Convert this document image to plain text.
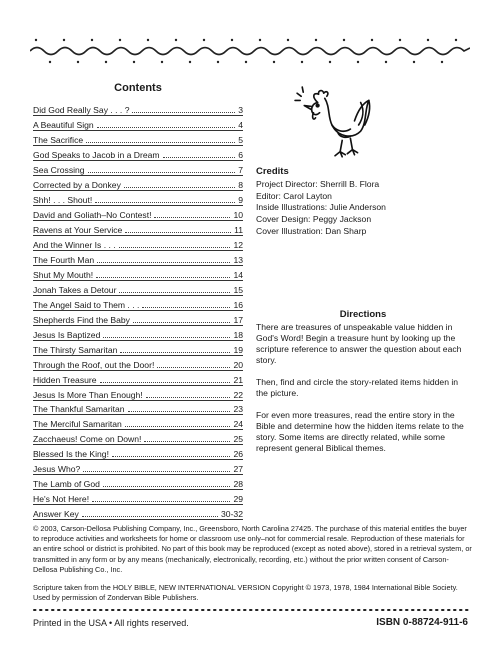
Contents
Did God Really Say . . . ?	3
A Beautiful Sign	4
The Sacrifice	5
God Speaks to Jacob in a Dream	6
Sea Crossing	7
Corrected by a Donkey	8
Shh! . . . Shout!	9
David and Goliath–No Contest!	10
Ravens at Your Service	11
And the Winner Is . . .	12
The Fourth Man	13
Shut My Mouth!	14
Jonah Takes a Detour	15
The Angel Said to Them . . .	16
Shepherds Find the Baby	17
Jesus Is Baptized	18
The Thirsty Samaritan	19
Through the Roof, out the Door!	20
Hidden Treasure	21
Jesus Is More Than Enough!	22
The Thankful Samaritan	23
The Merciful Samaritan	24
Zacchaeus! Come on Down!	25
Blessed Is the King!	26
Jesus Who?	27
The Lamb of God	28
He's Not Here!	29
Answer Key	30-32
Credits
Project Director: Sherrill B. Flora
Editor: Carol Layton
Inside Illustrations: Julie Anderson
Cover Design: Peggy Jackson
Cover Illustration: Dan Sharp
Directions

There are treasures of unspeakable value hidden in God's Word! Begin a treasure hunt by looking up the scripture reference to answer the question about each story.

Then, find and circle the story-related items hidden in the picture.

For even more treasures, read the entire story in the Bible and determine how the hidden items relate to the story. Some items are directly related, while some represent general Biblical themes.

© 2003, Carson-Dellosa Publishing Company, Inc., Greensboro, North Carolina 27425. The purchase of this material entitles the buyer to reproduce activities and worksheets for home or classroom use only–not for commercial resale. Reproduction of these materials for an entire school or district is prohibited. No part of this book may be reproduced (except as noted above), stored in a retrieval system, or transmitted in any form or by any means (mechanically, electronically, recording, etc.) without the prior written consent of Carson-Dellosa Publishing Co., Inc.
Scripture taken from the HOLY BIBLE, NEW INTERNATIONAL VERSION Copyright © 1973, 1978, 1984 International Bible Society. Used by permission of Zondervan Bible Publishers.
Printed in the USA • All rights reserved.	ISBN 0-88724-911-6
